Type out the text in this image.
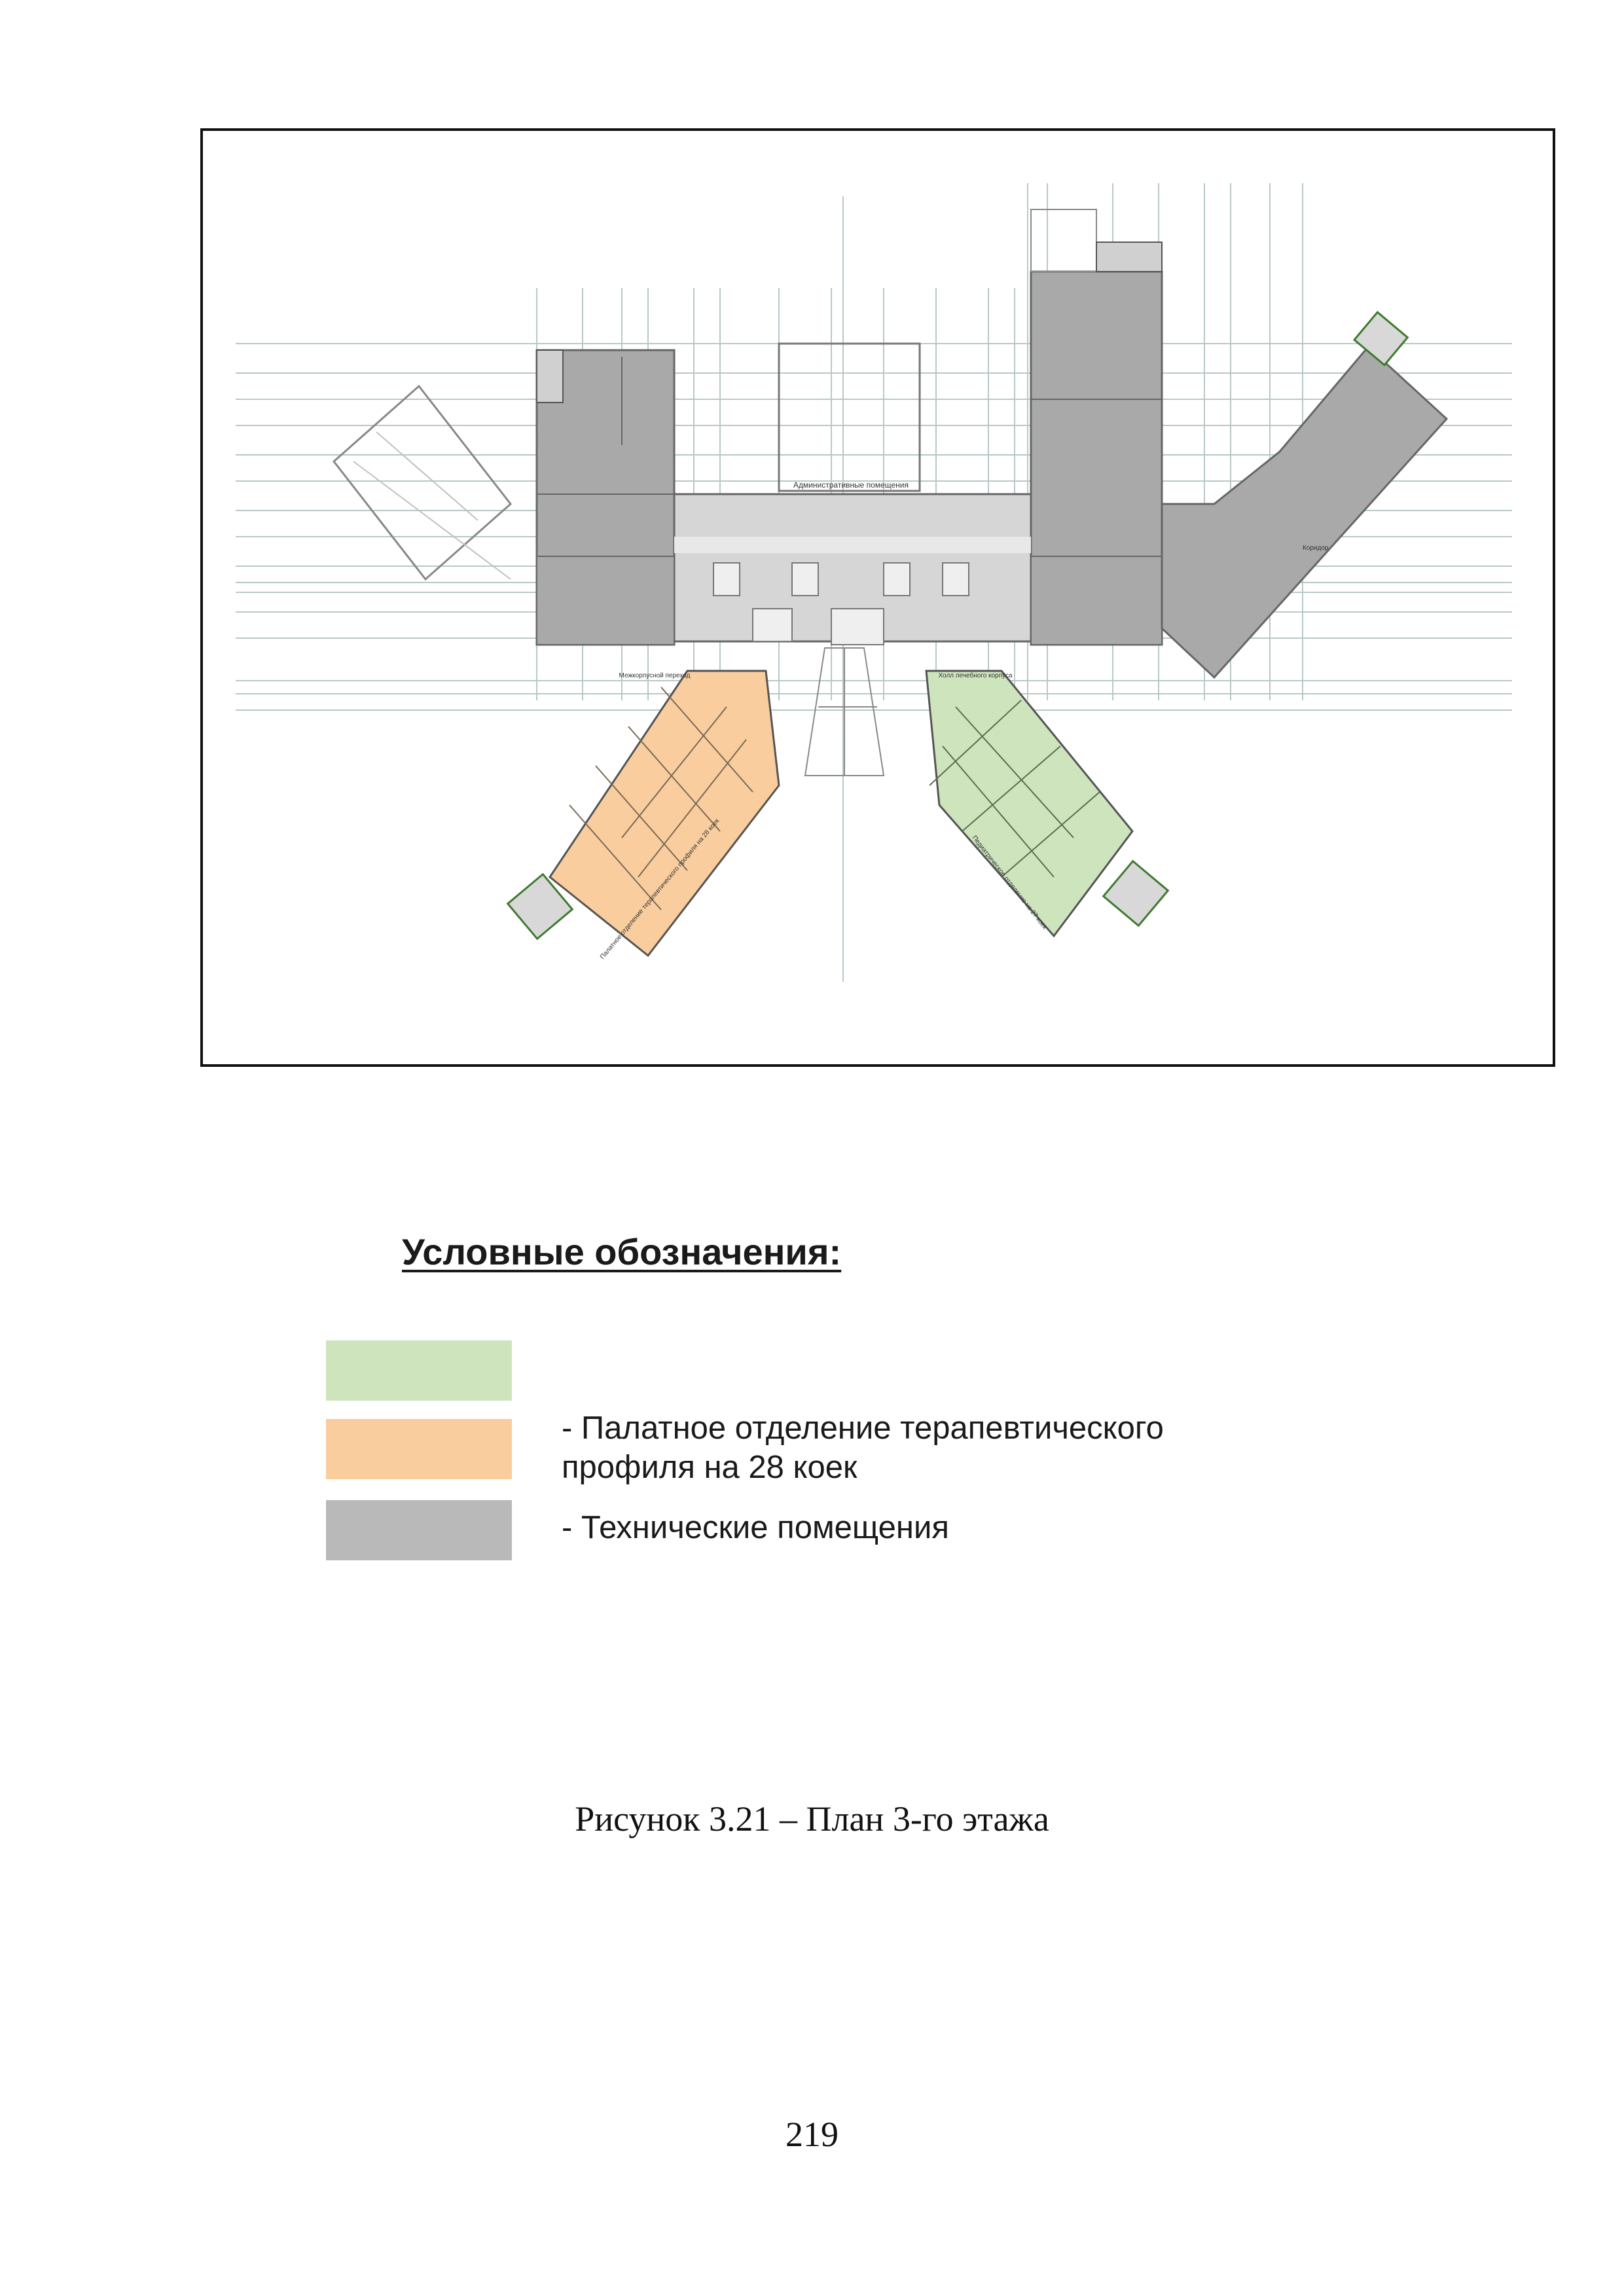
Административные помещения
Коридор
Межкорпусной переход	Холл лечебного корпуса
Палатное отделение терапевтического профиля на 28 коек	Педиатрическое отделение на 27 коек
Условные обозначения:
- Палатное отделение терапевтического
профиля на 28 коек
- Технические помещения
Рисунок 3.21 – План 3-го этажа
219
